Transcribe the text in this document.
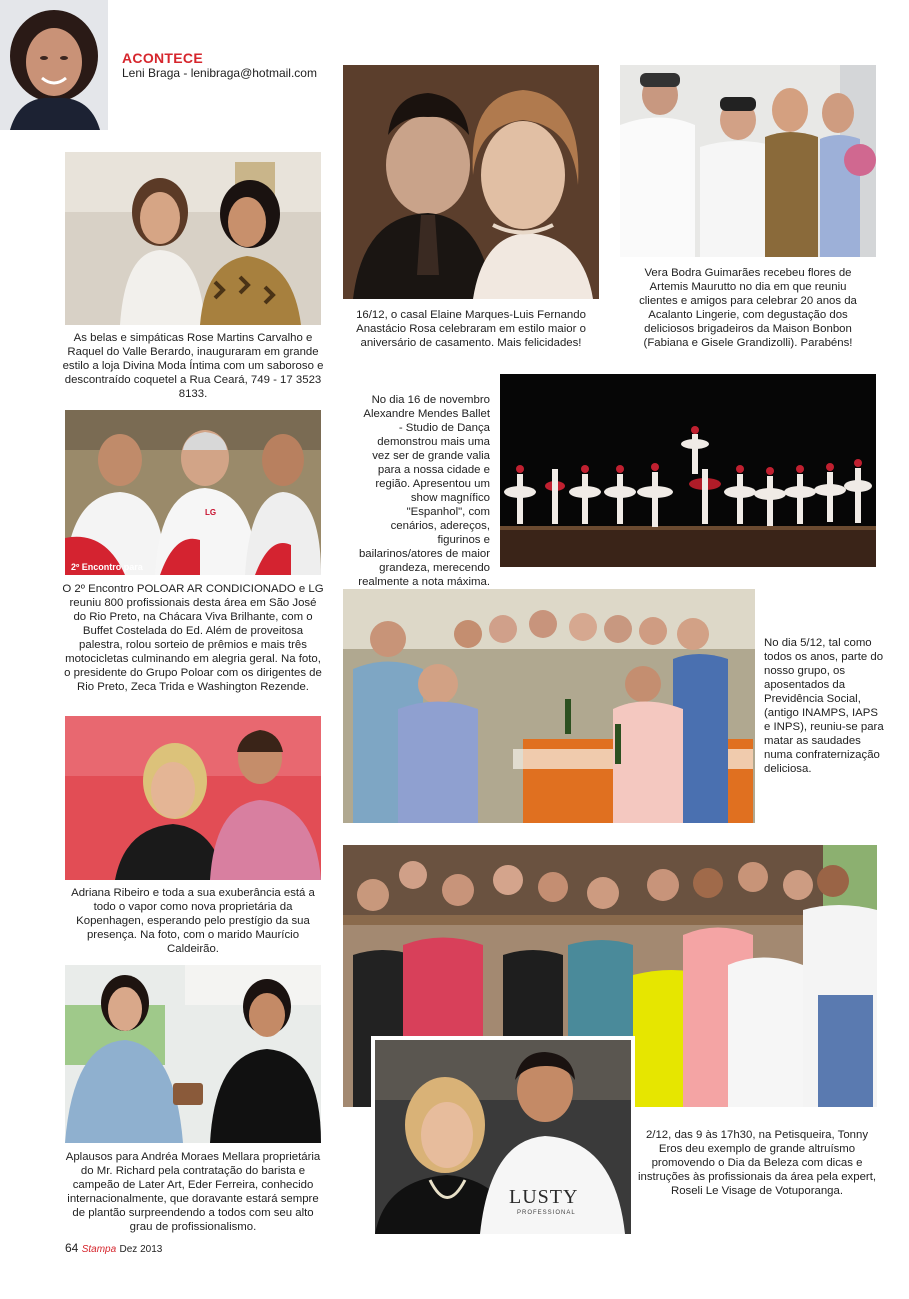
ACONTECE
Leni Braga - lenibraga@hotmail.com
As belas e simpáticas Rose Martins Carvalho e Raquel do Valle Berardo, inauguraram em grande estilo a loja Divina Moda Íntima com um saboroso e descontraído coquetel a Rua Ceará, 749 - 17 3523 8133.
2º Encontro para
LG
O 2º Encontro POLOAR AR CONDICIONADO e LG reuniu 800 profissionais desta área em São José do Rio Preto, na Chácara Viva Brilhante, com o Buffet Costelada do Ed. Além de proveitosa palestra, rolou sorteio de prêmios e mais três motocicletas culminando em alegria geral. Na foto, o presidente do Grupo Poloar com os dirigentes de Rio Preto, Zeca Trida e Washington Rezende.
Adriana Ribeiro e toda a sua exuberância está a todo o vapor como nova proprietária da Kopenhagen, esperando pelo prestígio da sua presença. Na foto, com o marido Maurício Caldeirão.
Aplausos para Andréa Moraes Mellara proprietária do Mr. Richard pela contratação do barista e campeão de Later Art, Eder Ferreira, conhecido internacionalmente, que doravante estará sempre de plantão surpreendendo a todos com seu alto grau de profissionalismo.
16/12, o casal Elaine Marques-Luis Fernando Anastácio Rosa celebraram em estilo maior o aniversário de casamento. Mais felicidades!
Vera Bodra Guimarães recebeu flores de Artemis Maurutto no dia em que reuniu clientes e amigos para celebrar 20 anos da Acalanto Lingerie, com degustação dos deliciosos brigadeiros da Maison Bonbon (Fabiana e Gisele Grandizolli). Parabéns!
No dia 16 de novembro Alexandre Mendes Ballet - Studio de Dança demonstrou mais uma vez ser de grande valia para a nossa cidade e região. Apresentou um show magnífico "Espanhol", com cenários, adereços, figurinos e bailarinos/atores de maior grandeza, merecendo realmente a nota máxima.
No dia 5/12, tal como todos os anos, parte do nosso grupo, os aposentados da Previdência Social, (antigo INAMPS, IAPS e INPS), reuniu-se para matar as saudades numa confraternização deliciosa.
LUSTY
PROFESSIONAL
2/12, das 9 às 17h30, na Petisqueira, Tonny Eros deu exemplo de grande altruísmo promovendo o Dia da Beleza com dicas e instruções às profissionais da área pela expert, Roseli Le Visage de Votuporanga.
64 Stampa Dez 2013
